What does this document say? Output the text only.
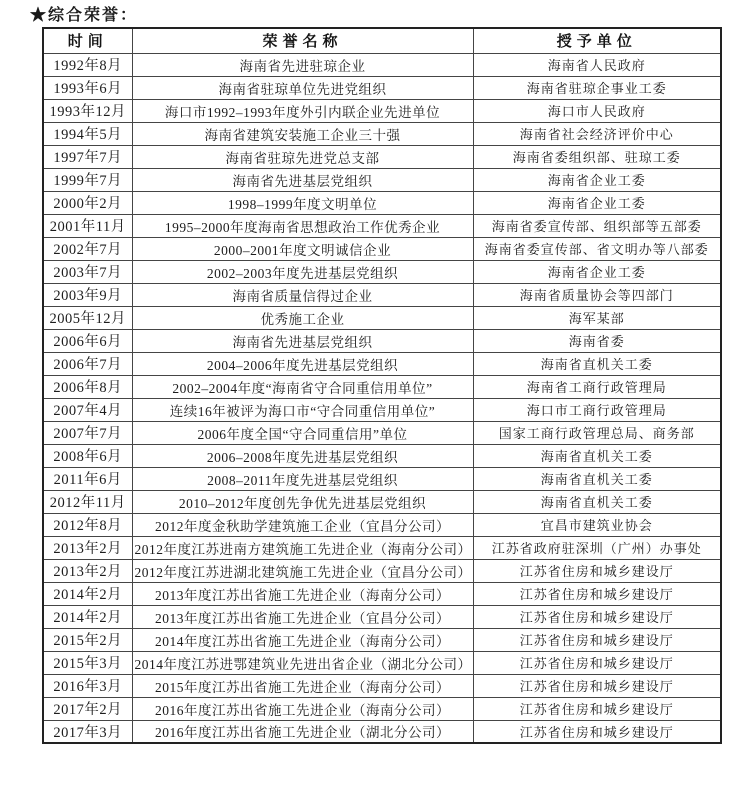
★综合荣誉：
时间	荣誉名称	授予单位
1992年8月	海南省先进驻琼企业	海南省人民政府
1993年6月	海南省驻琼单位先进党组织	海南省驻琼企事业工委
1993年12月	海口市1992–1993年度外引内联企业先进单位	海口市人民政府
1994年5月	海南省建筑安装施工企业三十强	海南省社会经济评价中心
1997年7月	海南省驻琼先进党总支部	海南省委组织部、驻琼工委
1999年7月	海南省先进基层党组织	海南省企业工委
2000年2月	1998–1999年度文明单位	海南省企业工委
2001年11月	1995–2000年度海南省思想政治工作优秀企业	海南省委宣传部、组织部等五部委
2002年7月	2000–2001年度文明诚信企业	海南省委宣传部、省文明办等八部委
2003年7月	2002–2003年度先进基层党组织	海南省企业工委
2003年9月	海南省质量信得过企业	海南省质量协会等四部门
2005年12月	优秀施工企业	海军某部
2006年6月	海南省先进基层党组织	海南省委
2006年7月	2004–2006年度先进基层党组织	海南省直机关工委
2006年8月	2002–2004年度“海南省守合同重信用单位”	海南省工商行政管理局
2007年4月	连续16年被评为海口市“守合同重信用单位”	海口市工商行政管理局
2007年7月	2006年度全国“守合同重信用”单位	国家工商行政管理总局、商务部
2008年6月	2006–2008年度先进基层党组织	海南省直机关工委
2011年6月	2008–2011年度先进基层党组织	海南省直机关工委
2012年11月	2010–2012年度创先争优先进基层党组织	海南省直机关工委
2012年8月	2012年度金秋助学建筑施工企业（宜昌分公司）	宜昌市建筑业协会
2013年2月	2012年度江苏进南方建筑施工先进企业（海南分公司）	江苏省政府驻深圳（广州）办事处
2013年2月	2012年度江苏进湖北建筑施工先进企业（宜昌分公司）	江苏省住房和城乡建设厅
2014年2月	2013年度江苏出省施工先进企业（海南分公司）	江苏省住房和城乡建设厅
2014年2月	2013年度江苏出省施工先进企业（宜昌分公司）	江苏省住房和城乡建设厅
2015年2月	2014年度江苏出省施工先进企业（海南分公司）	江苏省住房和城乡建设厅
2015年3月	2014年度江苏进鄂建筑业先进出省企业（湖北分公司）	江苏省住房和城乡建设厅
2016年3月	2015年度江苏出省施工先进企业（海南分公司）	江苏省住房和城乡建设厅
2017年2月	2016年度江苏出省施工先进企业（海南分公司）	江苏省住房和城乡建设厅
2017年3月	2016年度江苏出省施工先进企业（湖北分公司）	江苏省住房和城乡建设厅
